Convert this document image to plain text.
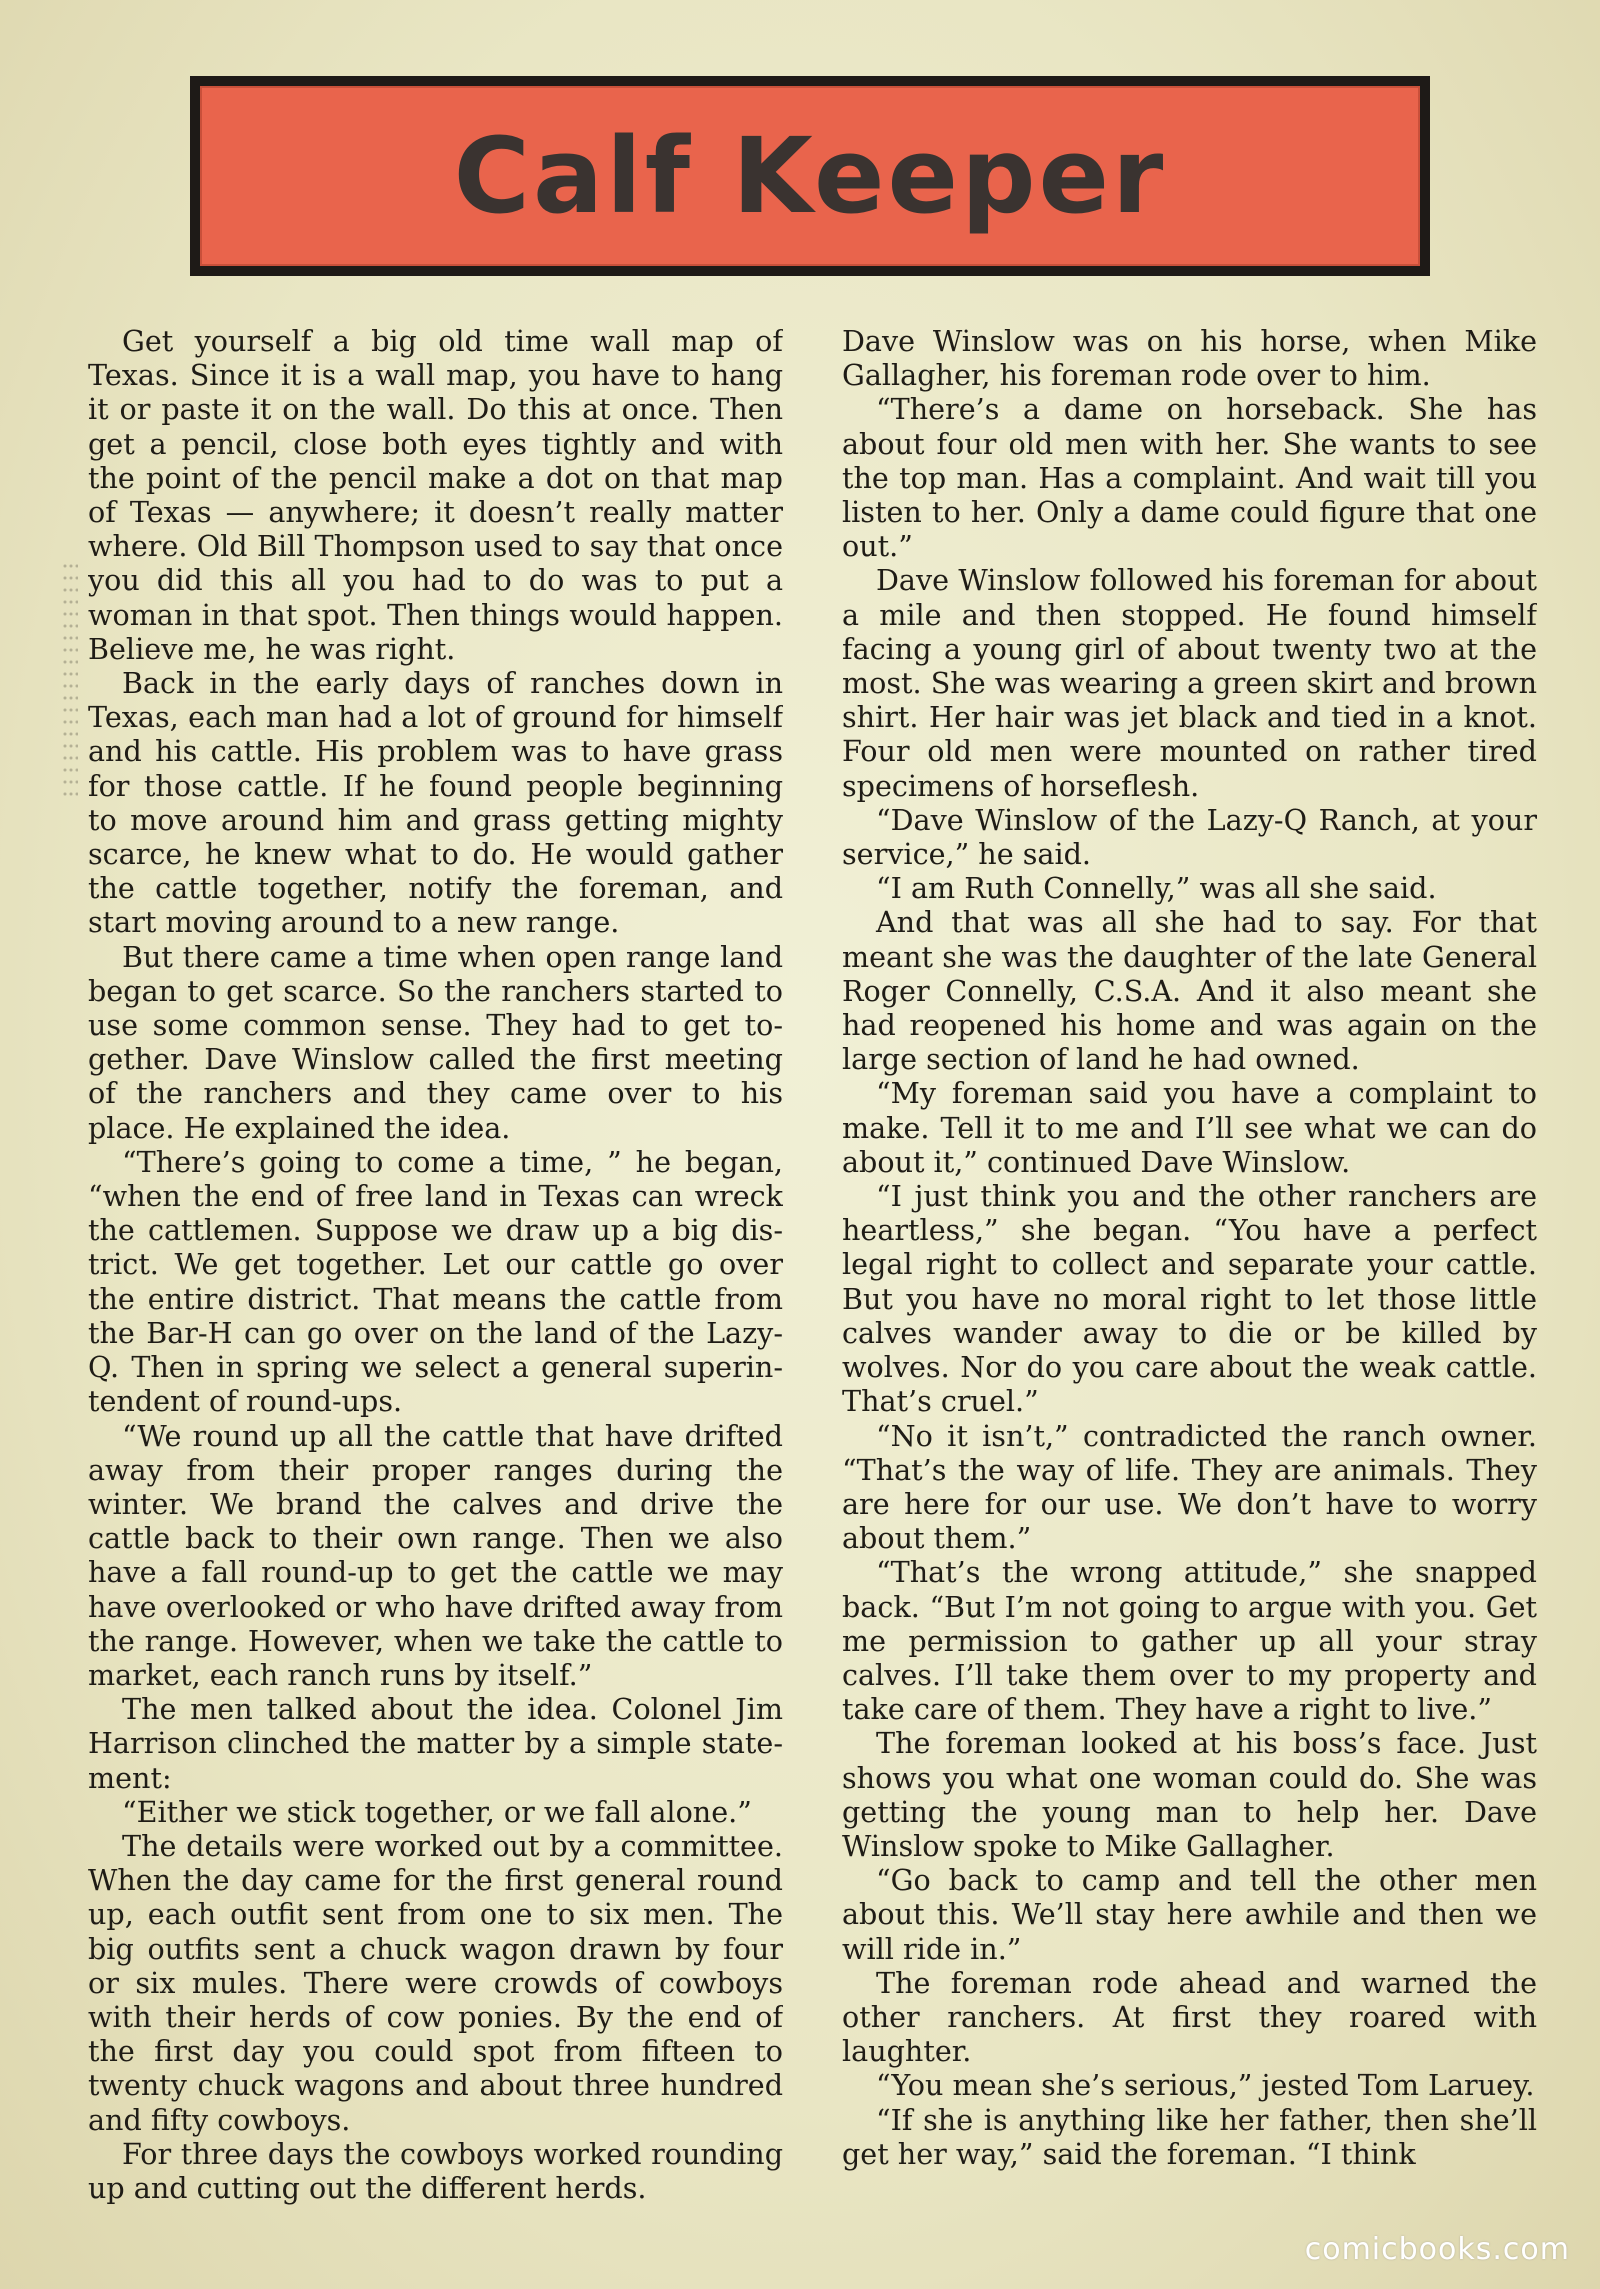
Calf Keeper

Get yourself a big old time wall map of Texas. Since it is a wall map, you have to hang it or paste it on the wall. Do this at once. Then get a pencil, close both eyes tightly and with the point of the pencil make a dot on that map of Texas — anywhere; it doesn’t really matter where. Old Bill Thompson used to say that once you did this all you had to do was to put a woman in that spot. Then things would happen. Believe me, he was right.

Back in the early days of ranches down in Texas, each man had a lot of ground for himself and his cattle. His problem was to have grass for those cattle. If he found people beginning to move around him and grass getting mighty scarce, he knew what to do. He would gather the cattle together, notify the foreman, and start moving around to a new range.

But there came a time when open range land began to get scarce. So the ranchers started to use some common sense. They had to get together. Dave Winslow called the first meeting of the ranchers and they came over to his place. He explained the idea.

“There’s going to come a time, ” he began, “when the end of free land in Texas can wreck the cattlemen. Suppose we draw up a big district. We get together. Let our cattle go over the entire district. That means the cattle from the Bar-H can go over on the land of the Lazy-Q. Then in spring we select a general superintendent of round-ups.

“We round up all the cattle that have drifted away from their proper ranges during the winter. We brand the calves and drive the cattle back to their own range. Then we also have a fall round-up to get the cattle we may have overlooked or who have drifted away from the range. However, when we take the cattle to market, each ranch runs by itself.”

The men talked about the idea. Colonel Jim Harrison clinched the matter by a simple statement:

“Either we stick together, or we fall alone.”

The details were worked out by a committee. When the day came for the first general round up, each outfit sent from one to six men. The big outfits sent a chuck wagon drawn by four or six mules. There were crowds of cowboys with their herds of cow ponies. By the end of the first day you could spot from fifteen to twenty chuck wagons and about three hundred and fifty cowboys.

For three days the cowboys worked rounding up and cutting out the different herds.

Dave Winslow was on his horse, when Mike Gallagher, his foreman rode over to him.

“There’s a dame on horseback. She has about four old men with her. She wants to see the top man. Has a complaint. And wait till you listen to her. Only a dame could figure that one out.”

Dave Winslow followed his foreman for about a mile and then stopped. He found himself facing a young girl of about twenty two at the most. She was wearing a green skirt and brown shirt. Her hair was jet black and tied in a knot. Four old men were mounted on rather tired specimens of horseflesh.

“Dave Winslow of the Lazy-Q Ranch, at your service,” he said.

“I am Ruth Connelly,” was all she said.

And that was all she had to say. For that meant she was the daughter of the late General Roger Connelly, C.S.A. And it also meant she had reopened his home and was again on the large section of land he had owned.

“My foreman said you have a complaint to make. Tell it to me and I’ll see what we can do about it,” continued Dave Winslow.

“I just think you and the other ranchers are heartless,” she began. “You have a perfect legal right to collect and separate your cattle. But you have no moral right to let those little calves wander away to die or be killed by wolves. Nor do you care about the weak cattle. That’s cruel.”

“No it isn’t,” contradicted the ranch owner. “That’s the way of life. They are animals. They are here for our use. We don’t have to worry about them.”

“That’s the wrong attitude,” she snapped back. “But I’m not going to argue with you. Get me permission to gather up all your stray calves. I’ll take them over to my property and take care of them. They have a right to live.”

The foreman looked at his boss’s face. Just shows you what one woman could do. She was getting the young man to help her. Dave Winslow spoke to Mike Gallagher.

“Go back to camp and tell the other men about this. We’ll stay here awhile and then we will ride in.”

The foreman rode ahead and warned the other ranchers. At first they roared with laughter.

“You mean she’s serious,” jested Tom Laruey.

“If she is anything like her father, then she’ll get her way,” said the foreman. “I think

comicbooks.com
